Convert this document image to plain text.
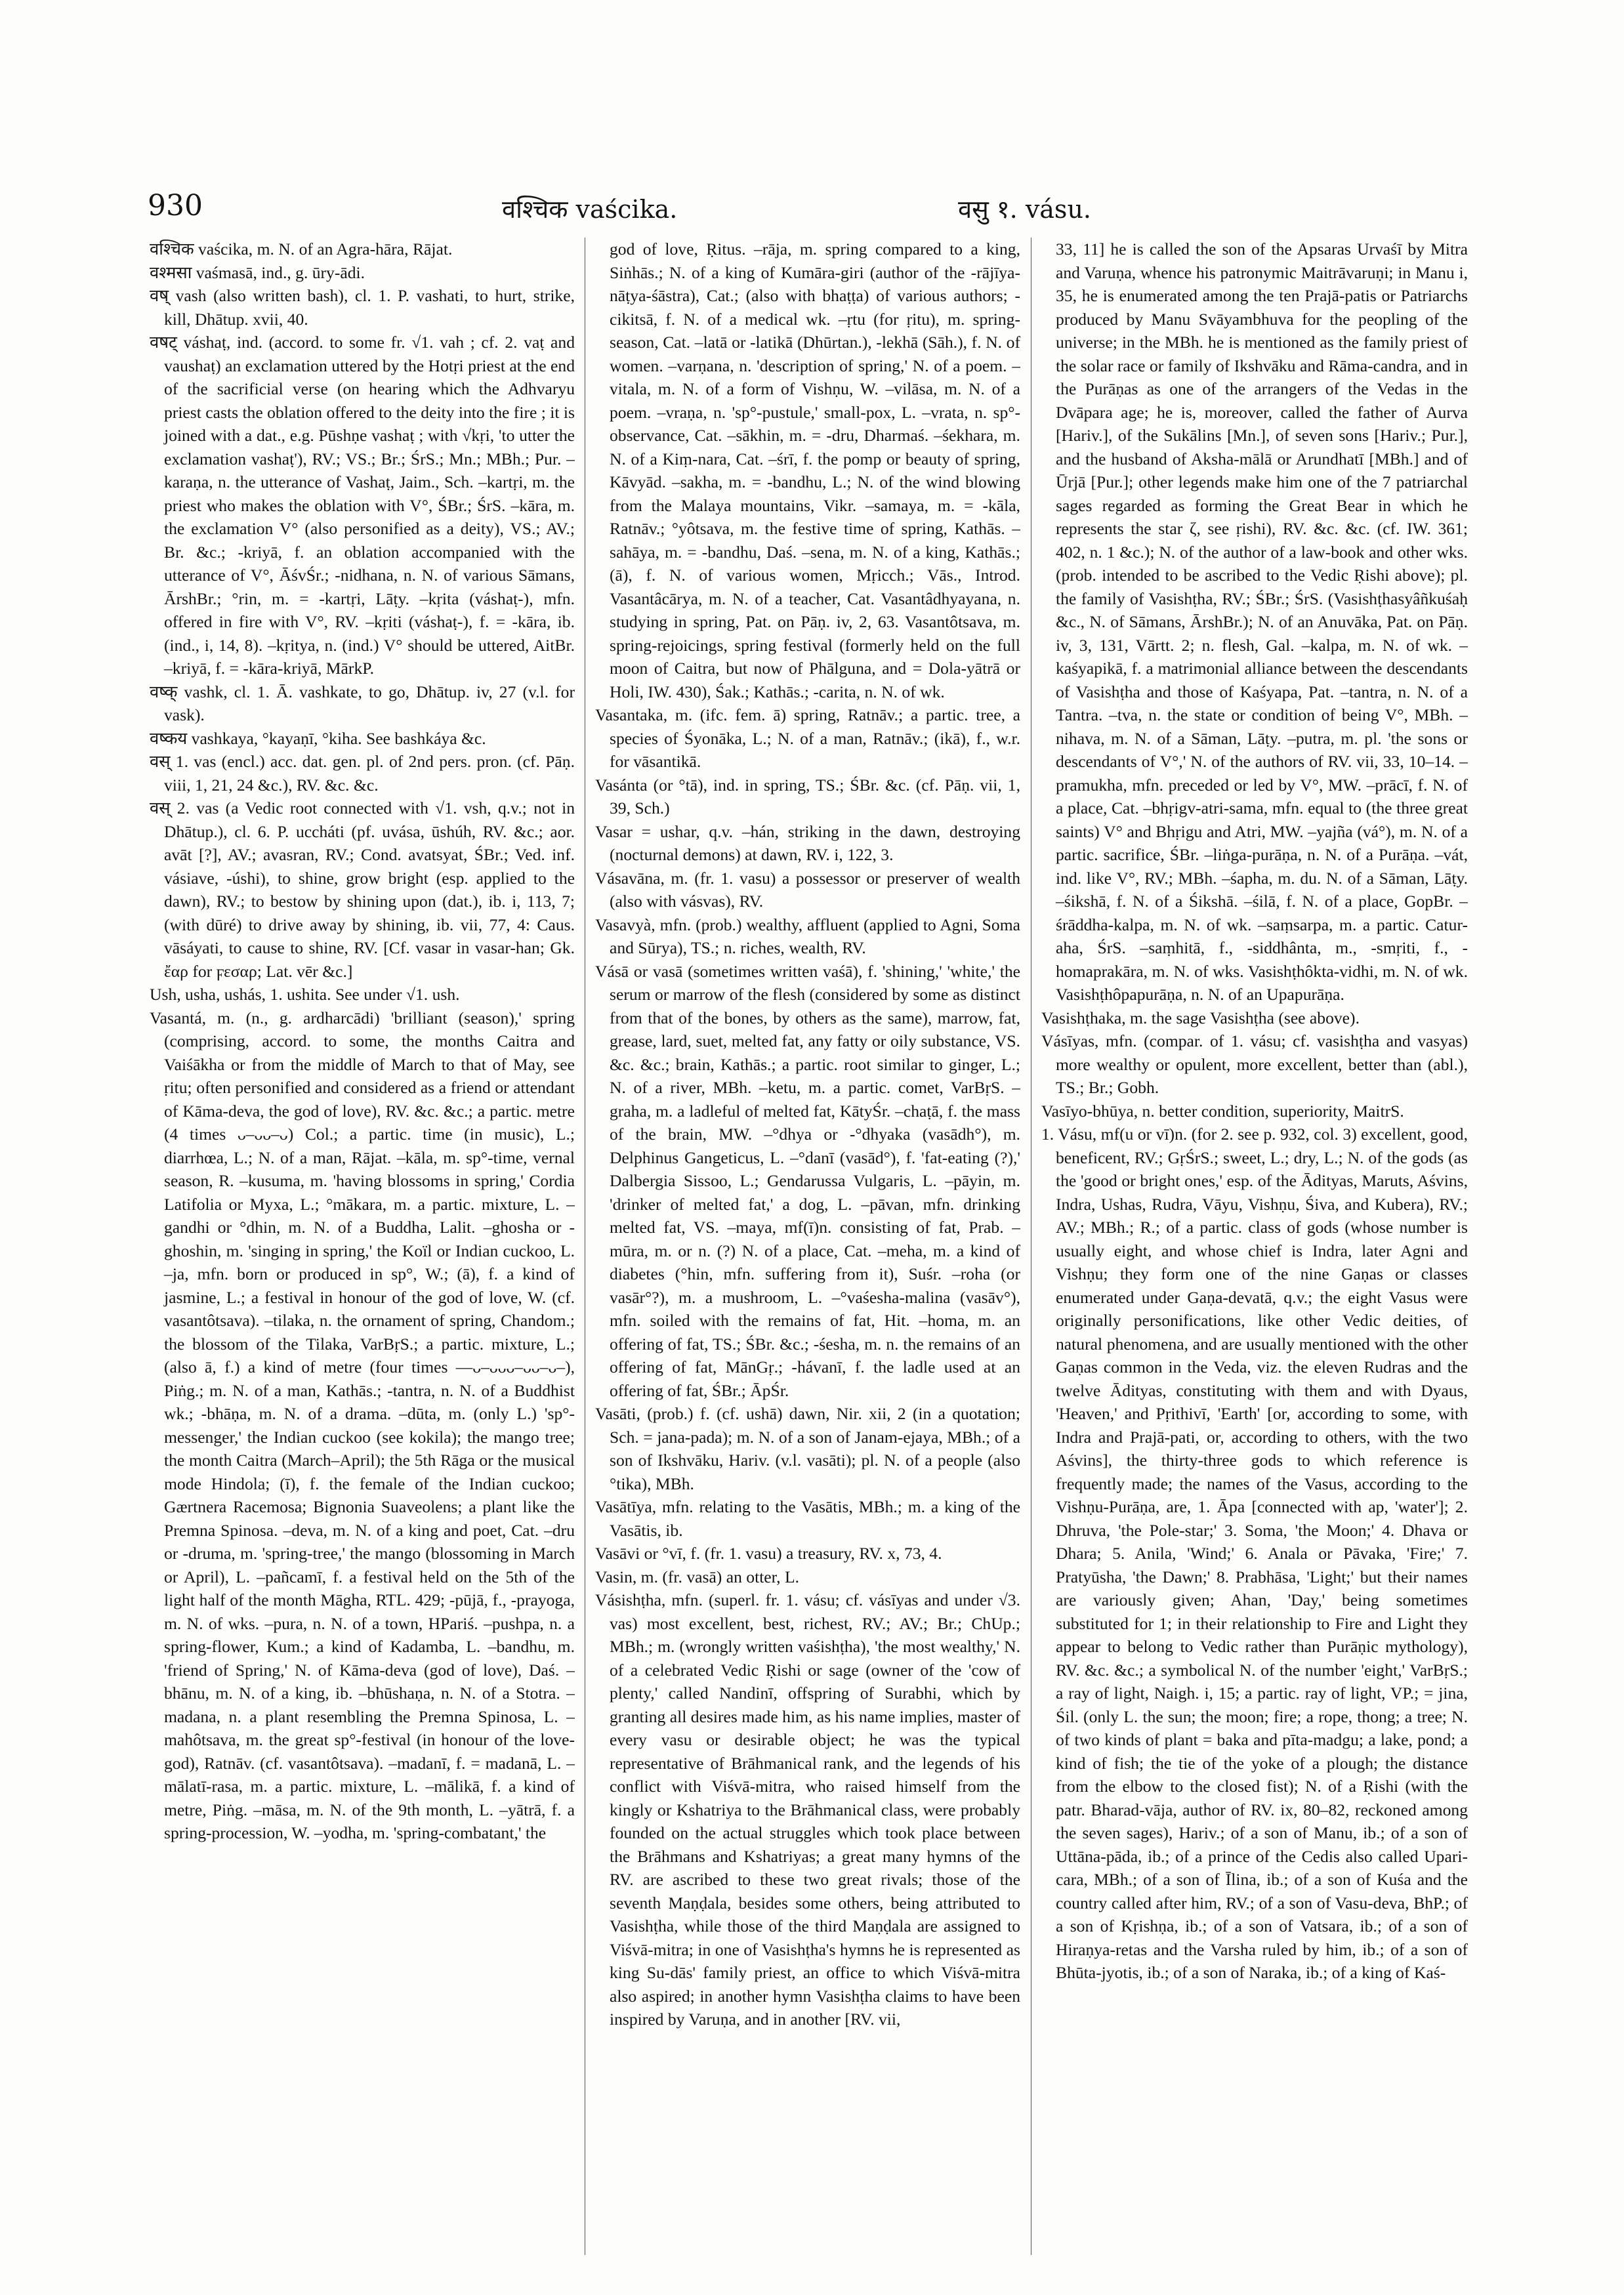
930	वश्चिक vaścika.	वसु १. vásu.

वश्चिक vaścika, m. N. of an Agra-hāra, Rājat.

वश्मसा vaśmasā, ind., g. ūry-ādi.

वष् vash (also written bash), cl. 1. P. vashati, to hurt, strike, kill, Dhātup. xvii, 40.

वषट् váshaṭ, ind. (accord. to some fr. √1. vah ; cf. 2. vaṭ and vaushaṭ) an exclamation uttered by the Hotṛi priest at the end of the sacrificial verse (on hearing which the Adhvaryu priest casts the oblation offered to the deity into the fire ; it is joined with a dat., e.g. Pūshṇe vashaṭ ; with √kṛi, 'to utter the exclamation vashaṭ'), RV.; VS.; Br.; ŚrS.; Mn.; MBh.; Pur. –karaṇa, n. the utterance of Vashaṭ, Jaim., Sch. –kartṛi, m. the priest who makes the oblation with V°, ŚBr.; ŚrS. –kāra, m. the exclamation V° (also personified as a deity), VS.; AV.; Br. &c.; -kriyā, f. an oblation accompanied with the utterance of V°, ĀśvŚr.; -nidhana, n. N. of various Sāmans, ĀrshBr.; °rin, m. = -kartṛi, Lāṭy. –kṛita (váshaṭ-), mfn. offered in fire with V°, RV. –kṛiti (váshaṭ-), f. = -kāra, ib. (ind., i, 14, 8). –kṛitya, n. (ind.) V° should be uttered, AitBr. –kriyā, f. = -kāra-kriyā, MārkP.

वष्क् vashk, cl. 1. Ā. vashkate, to go, Dhātup. iv, 27 (v.l. for vask).

वष्कय vashkaya, °kayaṇī, °kiha. See bashkáya &c.

वस् 1. vas (encl.) acc. dat. gen. pl. of 2nd pers. pron. (cf. Pāṇ. viii, 1, 21, 24 &c.), RV. &c. &c.

वस् 2. vas (a Vedic root connected with √1. vsh, q.v.; not in Dhātup.), cl. 6. P. uccháti (pf. uvása, ūshúh, RV. &c.; aor. avāt [?], AV.; avasran, RV.; Cond. avatsyat, ŚBr.; Ved. inf. vásiave, -úshi), to shine, grow bright (esp. applied to the dawn), RV.; to bestow by shining upon (dat.), ib. i, 113, 7; (with dūré) to drive away by shining, ib. vii, 77, 4: Caus. vāsáyati, to cause to shine, RV. [Cf. vasar in vasar-han; Gk. ἔαρ for ϝεσαρ; Lat. vēr &c.]

Ush, usha, ushás, 1. ushita. See under √1. ush.

Vasantá, m. (n., g. ardharcādi) 'brilliant (season),' spring (comprising, accord. to some, the months Caitra and Vaiśākha or from the middle of March to that of May, see ṛitu; often personified and considered as a friend or attendant of Kāma-deva, the god of love), RV. &c. &c.; a partic. metre (4 times ᴗ–ᴗᴗ–ᴗ) Col.; a partic. time (in music), L.; diarrhœa, L.; N. of a man, Rājat. –kāla, m. sp°-time, vernal season, R. –kusuma, m. 'having blossoms in spring,' Cordia Latifolia or Myxa, L.; °mākara, m. a partic. mixture, L. –gandhi or °dhin, m. N. of a Buddha, Lalit. –ghosha or -ghoshin, m. 'singing in spring,' the Koïl or Indian cuckoo, L. –ja, mfn. born or produced in sp°, W.; (ā), f. a kind of jasmine, L.; a festival in honour of the god of love, W. (cf. vasantôtsava). –tilaka, n. the ornament of spring, Chandom.; the blossom of the Tilaka, VarBṛS.; a partic. mixture, L.; (also ā, f.) a kind of metre (four times ––ᴗ–ᴗᴗᴗ–ᴗᴗ–ᴗ–), Piṅg.; m. N. of a man, Kathās.; -tantra, n. N. of a Buddhist wk.; -bhāṇa, m. N. of a drama. –dūta, m. (only L.) 'sp°-messenger,' the Indian cuckoo (see kokila); the mango tree; the month Caitra (March–April); the 5th Rāga or the musical mode Hindola; (ī), f. the female of the Indian cuckoo; Gærtnera Racemosa; Bignonia Suaveolens; a plant like the Premna Spinosa. –deva, m. N. of a king and poet, Cat. –dru or -druma, m. 'spring-tree,' the mango (blossoming in March or April), L. –pañcamī, f. a festival held on the 5th of the light half of the month Māgha, RTL. 429; -pūjā, f., -prayoga, m. N. of wks. –pura, n. N. of a town, HPariś. –pushpa, n. a spring-flower, Kum.; a kind of Kadamba, L. –bandhu, m. 'friend of Spring,' N. of Kāma-deva (god of love), Daś. –bhānu, m. N. of a king, ib. –bhūshaṇa, n. N. of a Stotra. –madana, n. a plant resembling the Premna Spinosa, L. –mahôtsava, m. the great sp°-festival (in honour of the love-god), Ratnāv. (cf. vasantôtsava). –madanī, f. = madanā, L. –mālatī-rasa, m. a partic. mixture, L. –mālikā, f. a kind of metre, Piṅg. –māsa, m. N. of the 9th month, L. –yātrā, f. a spring-procession, W. –yodha, m. 'spring-combatant,' the

god of love, Ṛitus. –rāja, m. spring compared to a king, Siṅhās.; N. of a king of Kumāra-giri (author of the -rājīya-nāṭya-śāstra), Cat.; (also with bhaṭṭa) of various authors; -cikitsā, f. N. of a medical wk. –ṛtu (for ṛitu), m. spring-season, Cat. –latā or -latikā (Dhūrtan.), -lekhā (Sāh.), f. N. of women. –varṇana, n. 'description of spring,' N. of a poem. –vitala, m. N. of a form of Vishṇu, W. –vilāsa, m. N. of a poem. –vraṇa, n. 'sp°-pustule,' small-pox, L. –vrata, n. sp°-observance, Cat. –sākhin, m. = -dru, Dharmaś. –śekhara, m. N. of a Kiṃ-nara, Cat. –śrī, f. the pomp or beauty of spring, Kāvyād. –sakha, m. = -bandhu, L.; N. of the wind blowing from the Malaya mountains, Vikr. –samaya, m. = -kāla, Ratnāv.; °yôtsava, m. the festive time of spring, Kathās. –sahāya, m. = -bandhu, Daś. –sena, m. N. of a king, Kathās.; (ā), f. N. of various women, Mṛicch.; Vās., Introd. Vasantâcārya, m. N. of a teacher, Cat. Vasantâdhyayana, n. studying in spring, Pat. on Pāṇ. iv, 2, 63. Vasantôtsava, m. spring-rejoicings, spring festival (formerly held on the full moon of Caitra, but now of Phālguna, and = Dola-yātrā or Holi, IW. 430), Śak.; Kathās.; -carita, n. N. of wk.

Vasantaka, m. (ifc. fem. ā) spring, Ratnāv.; a partic. tree, a species of Śyonāka, L.; N. of a man, Ratnāv.; (ikā), f., w.r. for vāsantikā.

Vasánta (or °tā), ind. in spring, TS.; ŚBr. &c. (cf. Pāṇ. vii, 1, 39, Sch.)

Vasar = ushar, q.v. –hán, striking in the dawn, destroying (nocturnal demons) at dawn, RV. i, 122, 3.

Vásavāna, m. (fr. 1. vasu) a possessor or preserver of wealth (also with vásvas), RV.

Vasavyà, mfn. (prob.) wealthy, affluent (applied to Agni, Soma and Sūrya), TS.; n. riches, wealth, RV.

Vásā or vasā (sometimes written vaśā), f. 'shining,' 'white,' the serum or marrow of the flesh (considered by some as distinct from that of the bones, by others as the same), marrow, fat, grease, lard, suet, melted fat, any fatty or oily substance, VS. &c. &c.; brain, Kathās.; a partic. root similar to ginger, L.; N. of a river, MBh. –ketu, m. a partic. comet, VarBṛS. –graha, m. a ladleful of melted fat, KātyŚr. –chaṭā, f. the mass of the brain, MW. –°dhya or -°dhyaka (vasādh°), m. Delphinus Gangeticus, L. –°danī (vasād°), f. 'fat-eating (?),' Dalbergia Sissoo, L.; Gendarussa Vulgaris, L. –pāyin, m. 'drinker of melted fat,' a dog, L. –pāvan, mfn. drinking melted fat, VS. –maya, mf(ī)n. consisting of fat, Prab. –mūra, m. or n. (?) N. of a place, Cat. –meha, m. a kind of diabetes (°hin, mfn. suffering from it), Suśr. –roha (or vasār°?), m. a mushroom, L. –°vaśesha-malina (vasāv°), mfn. soiled with the remains of fat, Hit. –homa, m. an offering of fat, TS.; ŚBr. &c.; -śesha, m. n. the remains of an offering of fat, MānGṛ.; -hávanī, f. the ladle used at an offering of fat, ŚBr.; ĀpŚr.

Vasāti, (prob.) f. (cf. ushā) dawn, Nir. xii, 2 (in a quotation; Sch. = jana-pada); m. N. of a son of Janam-ejaya, MBh.; of a son of Ikshvāku, Hariv. (v.l. vasāti); pl. N. of a people (also °tika), MBh.

Vasātīya, mfn. relating to the Vasātis, MBh.; m. a king of the Vasātis, ib.

Vasāvi or °vī, f. (fr. 1. vasu) a treasury, RV. x, 73, 4.

Vasin, m. (fr. vasā) an otter, L.

Vásishṭha, mfn. (superl. fr. 1. vásu; cf. vásīyas and under √3. vas) most excellent, best, richest, RV.; AV.; Br.; ChUp.; MBh.; m. (wrongly written vaśishṭha), 'the most wealthy,' N. of a celebrated Vedic Ṛishi or sage (owner of the 'cow of plenty,' called Nandinī, offspring of Surabhi, which by granting all desires made him, as his name implies, master of every vasu or desirable object; he was the typical representative of Brāhmanical rank, and the legends of his conflict with Viśvā-mitra, who raised himself from the kingly or Kshatriya to the Brāhmanical class, were probably founded on the actual struggles which took place between the Brāhmans and Kshatriyas; a great many hymns of the RV. are ascribed to these two great rivals; those of the seventh Maṇḍala, besides some others, being attributed to Vasishṭha, while those of the third Maṇḍala are assigned to Viśvā-mitra; in one of Vasishṭha's hymns he is represented as king Su-dās' family priest, an office to which Viśvā-mitra also aspired; in another hymn Vasishṭha claims to have been inspired by Varuṇa, and in another [RV. vii,

33, 11] he is called the son of the Apsaras Urvaśī by Mitra and Varuṇa, whence his patronymic Maitrāvaruṇi; in Manu i, 35, he is enumerated among the ten Prajā-patis or Patriarchs produced by Manu Svāyambhuva for the peopling of the universe; in the MBh. he is mentioned as the family priest of the solar race or family of Ikshvāku and Rāma-candra, and in the Purāṇas as one of the arrangers of the Vedas in the Dvāpara age; he is, moreover, called the father of Aurva [Hariv.], of the Sukālins [Mn.], of seven sons [Hariv.; Pur.], and the husband of Aksha-mālā or Arundhatī [MBh.] and of Ūrjā [Pur.]; other legends make him one of the 7 patriarchal sages regarded as forming the Great Bear in which he represents the star ζ, see ṛishi), RV. &c. &c. (cf. IW. 361; 402, n. 1 &c.); N. of the author of a law-book and other wks. (prob. intended to be ascribed to the Vedic Ṛishi above); pl. the family of Vasishṭha, RV.; ŚBr.; ŚrS. (Vasishṭhasyâñkuśaḥ &c., N. of Sāmans, ĀrshBr.); N. of an Anuvāka, Pat. on Pāṇ. iv, 3, 131, Vārtt. 2; n. flesh, Gal. –kalpa, m. N. of wk. –kaśyapikā, f. a matrimonial alliance between the descendants of Vasishṭha and those of Kaśyapa, Pat. –tantra, n. N. of a Tantra. –tva, n. the state or condition of being V°, MBh. –nihava, m. N. of a Sāman, Lāṭy. –putra, m. pl. 'the sons or descendants of V°,' N. of the authors of RV. vii, 33, 10–14. –pramukha, mfn. preceded or led by V°, MW. –prācī, f. N. of a place, Cat. –bhṛigv-atri-sama, mfn. equal to (the three great saints) V° and Bhṛigu and Atri, MW. –yajña (vá°), m. N. of a partic. sacrifice, ŚBr. –liṅga-purāṇa, n. N. of a Purāṇa. –vát, ind. like V°, RV.; MBh. –śapha, m. du. N. of a Sāman, Lāṭy. –śikshā, f. N. of a Śikshā. –śilā, f. N. of a place, GopBr. –śrāddha-kalpa, m. N. of wk. –saṃsarpa, m. a partic. Catur-aha, ŚrS. –saṃhitā, f., -siddhânta, m., -smṛiti, f., -homaprakāra, m. N. of wks. Vasishṭhôkta-vidhi, m. N. of wk. Vasishṭhôpapurāṇa, n. N. of an Upapurāṇa.

Vasishṭhaka, m. the sage Vasishṭha (see above).

Vásīyas, mfn. (compar. of 1. vásu; cf. vasishṭha and vasyas) more wealthy or opulent, more excellent, better than (abl.), TS.; Br.; Gobh.

Vasīyo-bhūya, n. better condition, superiority, MaitrS.

1. Vásu, mf(u or vī)n. (for 2. see p. 932, col. 3) excellent, good, beneficent, RV.; GṛŚrS.; sweet, L.; dry, L.; N. of the gods (as the 'good or bright ones,' esp. of the Ādityas, Maruts, Aśvins, Indra, Ushas, Rudra, Vāyu, Vishṇu, Śiva, and Kubera), RV.; AV.; MBh.; R.; of a partic. class of gods (whose number is usually eight, and whose chief is Indra, later Agni and Vishṇu; they form one of the nine Gaṇas or classes enumerated under Gaṇa-devatā, q.v.; the eight Vasus were originally personifications, like other Vedic deities, of natural phenomena, and are usually mentioned with the other Gaṇas common in the Veda, viz. the eleven Rudras and the twelve Ādityas, constituting with them and with Dyaus, 'Heaven,' and Pṛithivī, 'Earth' [or, according to some, with Indra and Prajā-pati, or, according to others, with the two Aśvins], the thirty-three gods to which reference is frequently made; the names of the Vasus, according to the Vishṇu-Purāṇa, are, 1. Āpa [connected with ap, 'water']; 2. Dhruva, 'the Pole-star;' 3. Soma, 'the Moon;' 4. Dhava or Dhara; 5. Anila, 'Wind;' 6. Anala or Pāvaka, 'Fire;' 7. Pratyūsha, 'the Dawn;' 8. Prabhāsa, 'Light;' but their names are variously given; Ahan, 'Day,' being sometimes substituted for 1; in their relationship to Fire and Light they appear to belong to Vedic rather than Purāṇic mythology), RV. &c. &c.; a symbolical N. of the number 'eight,' VarBṛS.; a ray of light, Naigh. i, 15; a partic. ray of light, VP.; = jina, Śil. (only L. the sun; the moon; fire; a rope, thong; a tree; N. of two kinds of plant = baka and pīta-madgu; a lake, pond; a kind of fish; the tie of the yoke of a plough; the distance from the elbow to the closed fist); N. of a Ṛishi (with the patr. Bharad-vāja, author of RV. ix, 80–82, reckoned among the seven sages), Hariv.; of a son of Manu, ib.; of a son of Uttāna-pāda, ib.; of a prince of the Cedis also called Upari-cara, MBh.; of a son of Īlina, ib.; of a son of Kuśa and the country called after him, RV.; of a son of Vasu-deva, BhP.; of a son of Kṛishṇa, ib.; of a son of Vatsara, ib.; of a son of Hiraṇya-retas and the Varsha ruled by him, ib.; of a son of Bhūta-jyotis, ib.; of a son of Naraka, ib.; of a king of Kaś-
